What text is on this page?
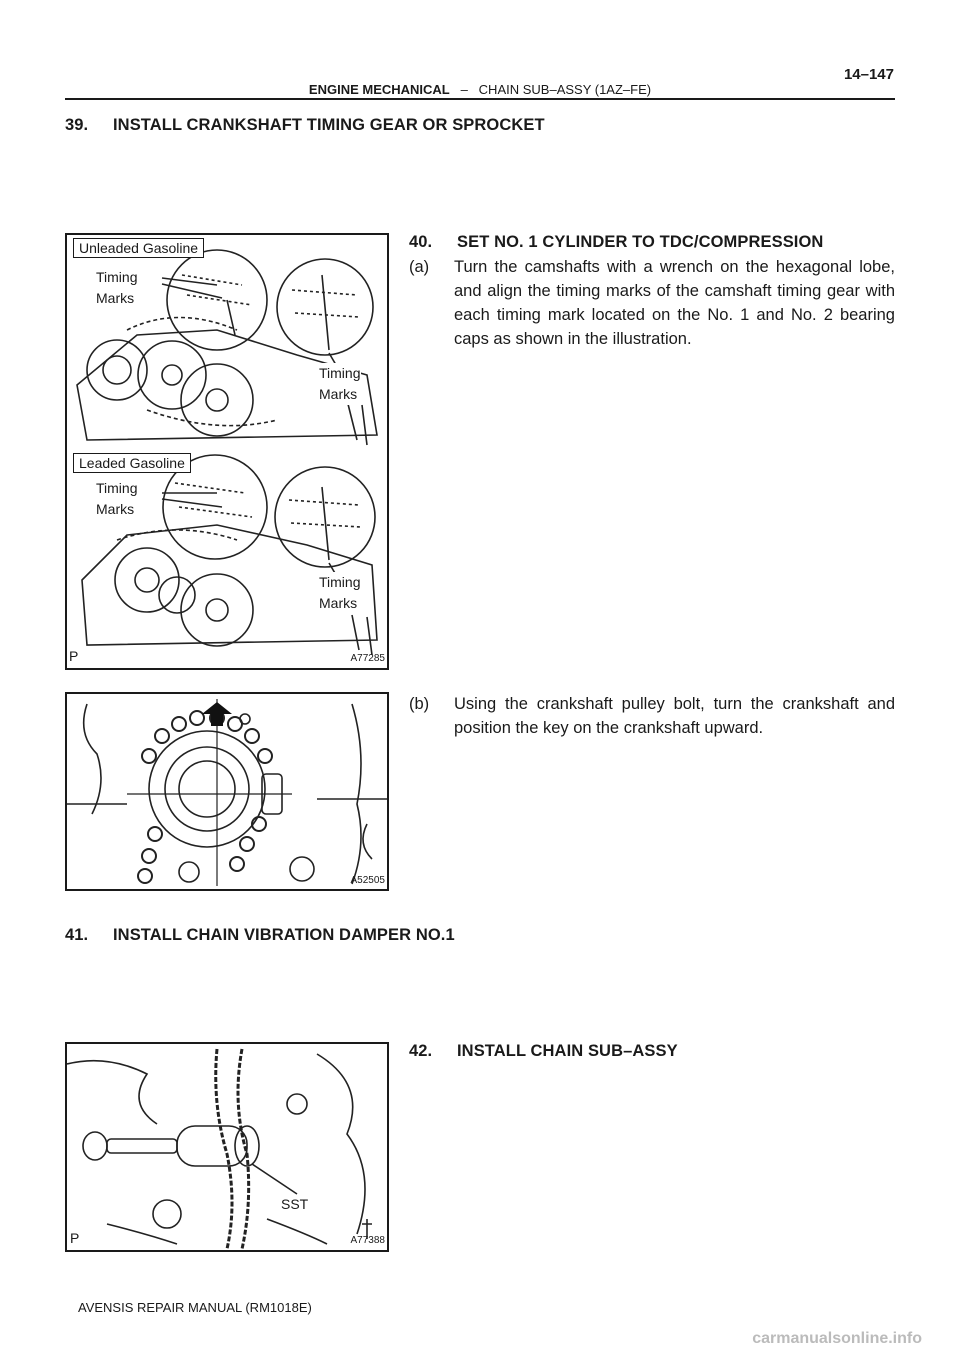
14–147
ENGINE MECHANICAL – CHAIN SUB–ASSY (1AZ–FE)
39. INSTALL CRANKSHAFT TIMING GEAR OR SPROCKET
Unleaded Gasoline
Timing
Marks
Timing
Marks
Leaded Gasoline
Timing
Marks
Timing
Marks
P	A77285
40. SET NO. 1 CYLINDER TO TDC/COMPRESSION
(a)	Turn the camshafts with a wrench on the hexagonal lobe, and align the timing marks of the camshaft timing gear with each timing mark located on the No. 1 and No. 2 bearing caps as shown in the illustration.
A52505
(b)	Using the crankshaft pulley bolt, turn the crankshaft and position the key on the crankshaft upward.
41. INSTALL CHAIN VIBRATION DAMPER NO.1
SST
P	A77388
42. INSTALL CHAIN SUB–ASSY
AVENSIS REPAIR MANUAL (RM1018E)
carmanualsonline.info
